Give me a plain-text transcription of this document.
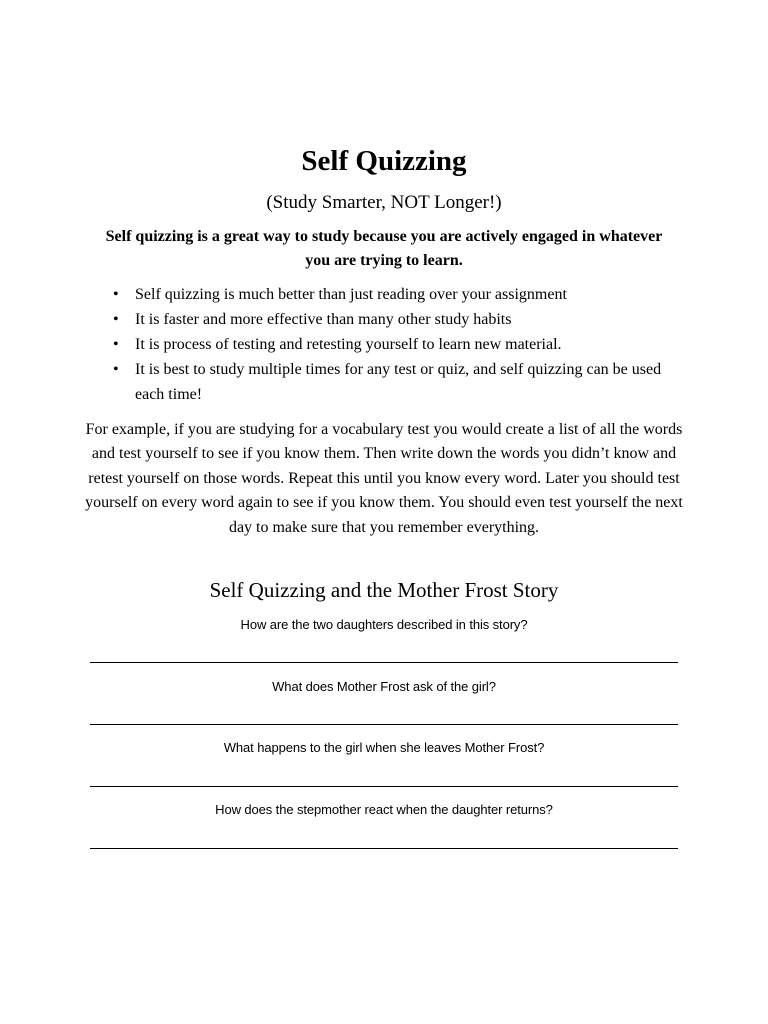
Self Quizzing
(Study Smarter, NOT Longer!)
Self quizzing is a great way to study because you are actively engaged in whatever you are trying to learn.
• Self quizzing is much better than just reading over your assignment
• It is faster and more effective than many other study habits
• It is process of testing and retesting yourself to learn new material.
• It is best to study multiple times for any test or quiz, and self quizzing can be used each time!
For example, if you are studying for a vocabulary test you would create a list of all the words and test yourself to see if you know them. Then write down the words you didn’t know and retest yourself on those words. Repeat this until you know every word. Later you should test yourself on every word again to see if you know them. You should even test yourself the next day to make sure that you remember everything.
Self Quizzing and the Mother Frost Story
How are the two daughters described in this story?
What does Mother Frost ask of the girl?
What happens to the girl when she leaves Mother Frost?
How does the stepmother react when the daughter returns?
